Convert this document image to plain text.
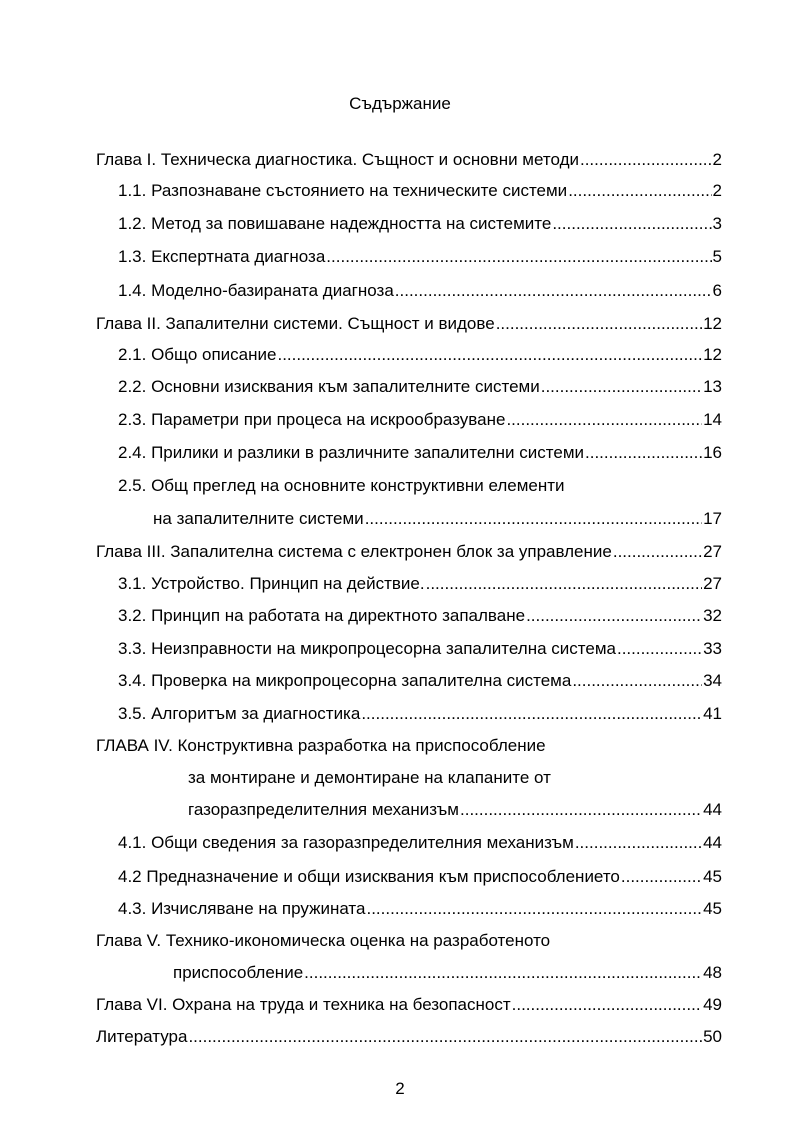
Съдържание
Глава I. Техническа диагностика. Същност и основни методи .....	2
1.1. Разпознаване състоянието на техническите системи .....	2
1.2. Метод за повишаване надеждността на системите .....	3
1.3. Експертната диагноза .....	5
1.4. Моделно-базираната диагноза .....	6
Глава II. Запалителни системи. Същност и видове .....	12
2.1. Общо описание .....	12
2.2. Основни изисквания към запалителните системи .....	13
2.3. Параметри при процеса на искрообразуване .....	14
2.4. Прилики и разлики в различните запалителни системи .....	16
2.5. Общ преглед на основните конструктивни елементи
на запалителните системи .....	17
Глава III. Запалителна система с електронен блок за управление .....	27
3.1. Устройство. Принцип на действие. .....	27
3.2. Принцип на работата на директното запалване .....	32
3.3. Неизправности на микропроцесорна запалителна система .....	33
3.4. Проверка на микропроцесорна запалителна система .....	34
3.5. Алгоритъм за диагностика .....	41
ГЛАВА IV. Конструктивна разработка на приспособление
за монтиране и демонтиране на клапаните от
газоразпределителния механизъм .....	44
4.1. Общи сведения за газоразпределителния механизъм .....	44
4.2 Предназначение и общи изисквания към приспособлението .....	45
4.3. Изчисляване на пружината .....	45
Глава V. Технико-икономическа оценка на разработеното
приспособление .....	48
Глава VI. Охрана на труда и техника на безопасност .....	49
Литература .....	50
2
